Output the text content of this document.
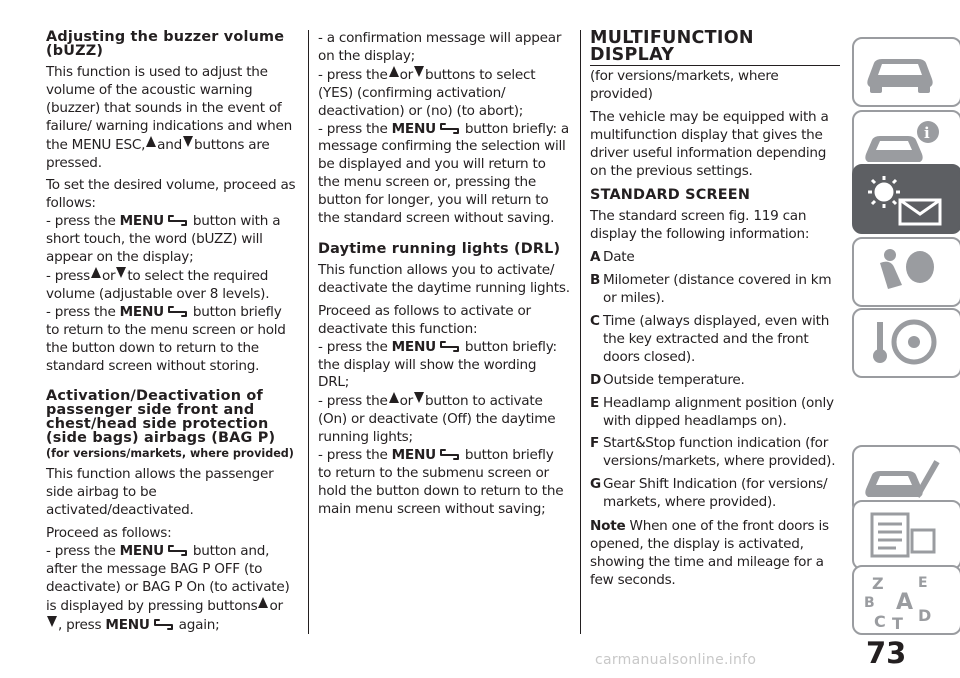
Adjusting the buzzer volume (bUZZ)

This function is used to adjust the volume of the acoustic warning (buzzer) that sounds in the event of failure/ warning indications and when the MENU ESC, and buttons are pressed.

To set the desired volume, proceed as follows:

- press the MENU button with a short touch, the word (bUZZ) will appear on the display;
- press or to select the required volume (adjustable over 8 levels).
- press the MENU button briefly to return to the menu screen or hold the button down to return to the standard screen without storing.
Activation/Deactivation of passenger side front and chest/head side protection (side bags) airbags (BAG P)
(for versions/markets, where provided)

This function allows the passenger side airbag to be activated/deactivated.

Proceed as follows:

- press the MENU button and, after the message BAG P OFF (to deactivate) or BAG P On (to activate) is displayed by pressing buttons or , press MENU again;
- a confirmation message will appear on the display;
- press the or buttons to select (YES) (confirming activation/ deactivation) or (no) (to abort);
- press the MENU button briefly: a message confirming the selection will be displayed and you will return to the menu screen or, pressing the button for longer, you will return to the standard screen without saving.
Daytime running lights (DRL)

This function allows you to activate/ deactivate the daytime running lights.

Proceed as follows to activate or deactivate this function:

- press the MENU button briefly: the display will show the wording DRL;
- press the or button to activate (On) or deactivate (Off) the daytime running lights;
- press the MENU button briefly to return to the submenu screen or hold the button down to return to the main menu screen without saving;
MULTIFUNCTION DISPLAY

(for versions/markets, where provided)

The vehicle may be equipped with a multifunction display that gives the driver useful information depending on the previous settings.

STANDARD SCREEN

The standard screen fig. 119 can display the following information:

A Date
B Milometer (distance covered in km or miles).
C Time (always displayed, even with the key extracted and the front doors closed).
D Outside temperature.
E Headlamp alignment position (only with dipped headlamps on).
F Start&Stop function indication (for versions/markets, where provided).
G Gear Shift Indication (for versions/ markets, where provided).

Note When one of the front doors is opened, the display is activated, showing the time and mileage for a few seconds.

73
carmanualsonline.info
i
Z E
B A
C T D
